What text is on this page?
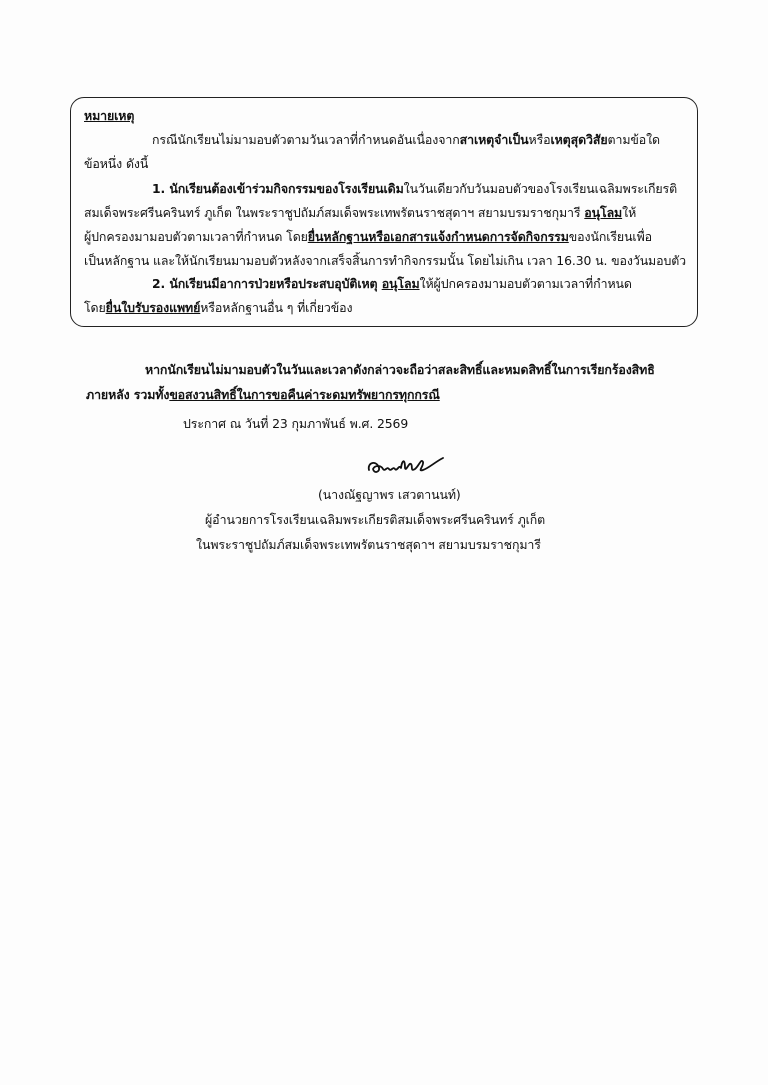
หมายเหตุ
กรณีนักเรียนไม่มามอบตัวตามวันเวลาที่กำหนดอันเนื่องจากสาเหตุจำเป็นหรือเหตุสุดวิสัยตามข้อใด
ข้อหนึ่ง ดังนี้
1. นักเรียนต้องเข้าร่วมกิจกรรมของโรงเรียนเดิมในวันเดียวกับวันมอบตัวของโรงเรียนเฉลิมพระเกียรติ
สมเด็จพระศรีนครินทร์ ภูเก็ต ในพระราชูปถัมภ์สมเด็จพระเทพรัตนราชสุดาฯ สยามบรมราชกุมารี อนุโลมให้
ผู้ปกครองมามอบตัวตามเวลาที่กำหนด โดยยื่นหลักฐานหรือเอกสารแจ้งกำหนดการจัดกิจกรรมของนักเรียนเพื่อ
เป็นหลักฐาน และให้นักเรียนมามอบตัวหลังจากเสร็จสิ้นการทำกิจกรรมนั้น โดยไม่เกิน เวลา 16.30 น. ของวันมอบตัว
2. นักเรียนมีอาการป่วยหรือประสบอุบัติเหตุ อนุโลมให้ผู้ปกครองมามอบตัวตามเวลาที่กำหนด
โดยยื่นใบรับรองแพทย์หรือหลักฐานอื่น ๆ ที่เกี่ยวข้อง
หากนักเรียนไม่มามอบตัวในวันและเวลาดังกล่าวจะถือว่าสละสิทธิ์และหมดสิทธิ์ในการเรียกร้องสิทธิ
ภายหลัง รวมทั้งขอสงวนสิทธิ์ในการขอคืนค่าระดมทรัพยากรทุกกรณี
ประกาศ ณ วันที่ 23 กุมภาพันธ์ พ.ศ. 2569
(นางณัฐญาพร เสวตานนท์)
ผู้อำนวยการโรงเรียนเฉลิมพระเกียรติสมเด็จพระศรีนครินทร์ ภูเก็ต
ในพระราชูปถัมภ์สมเด็จพระเทพรัตนราชสุดาฯ สยามบรมราชกุมารี
